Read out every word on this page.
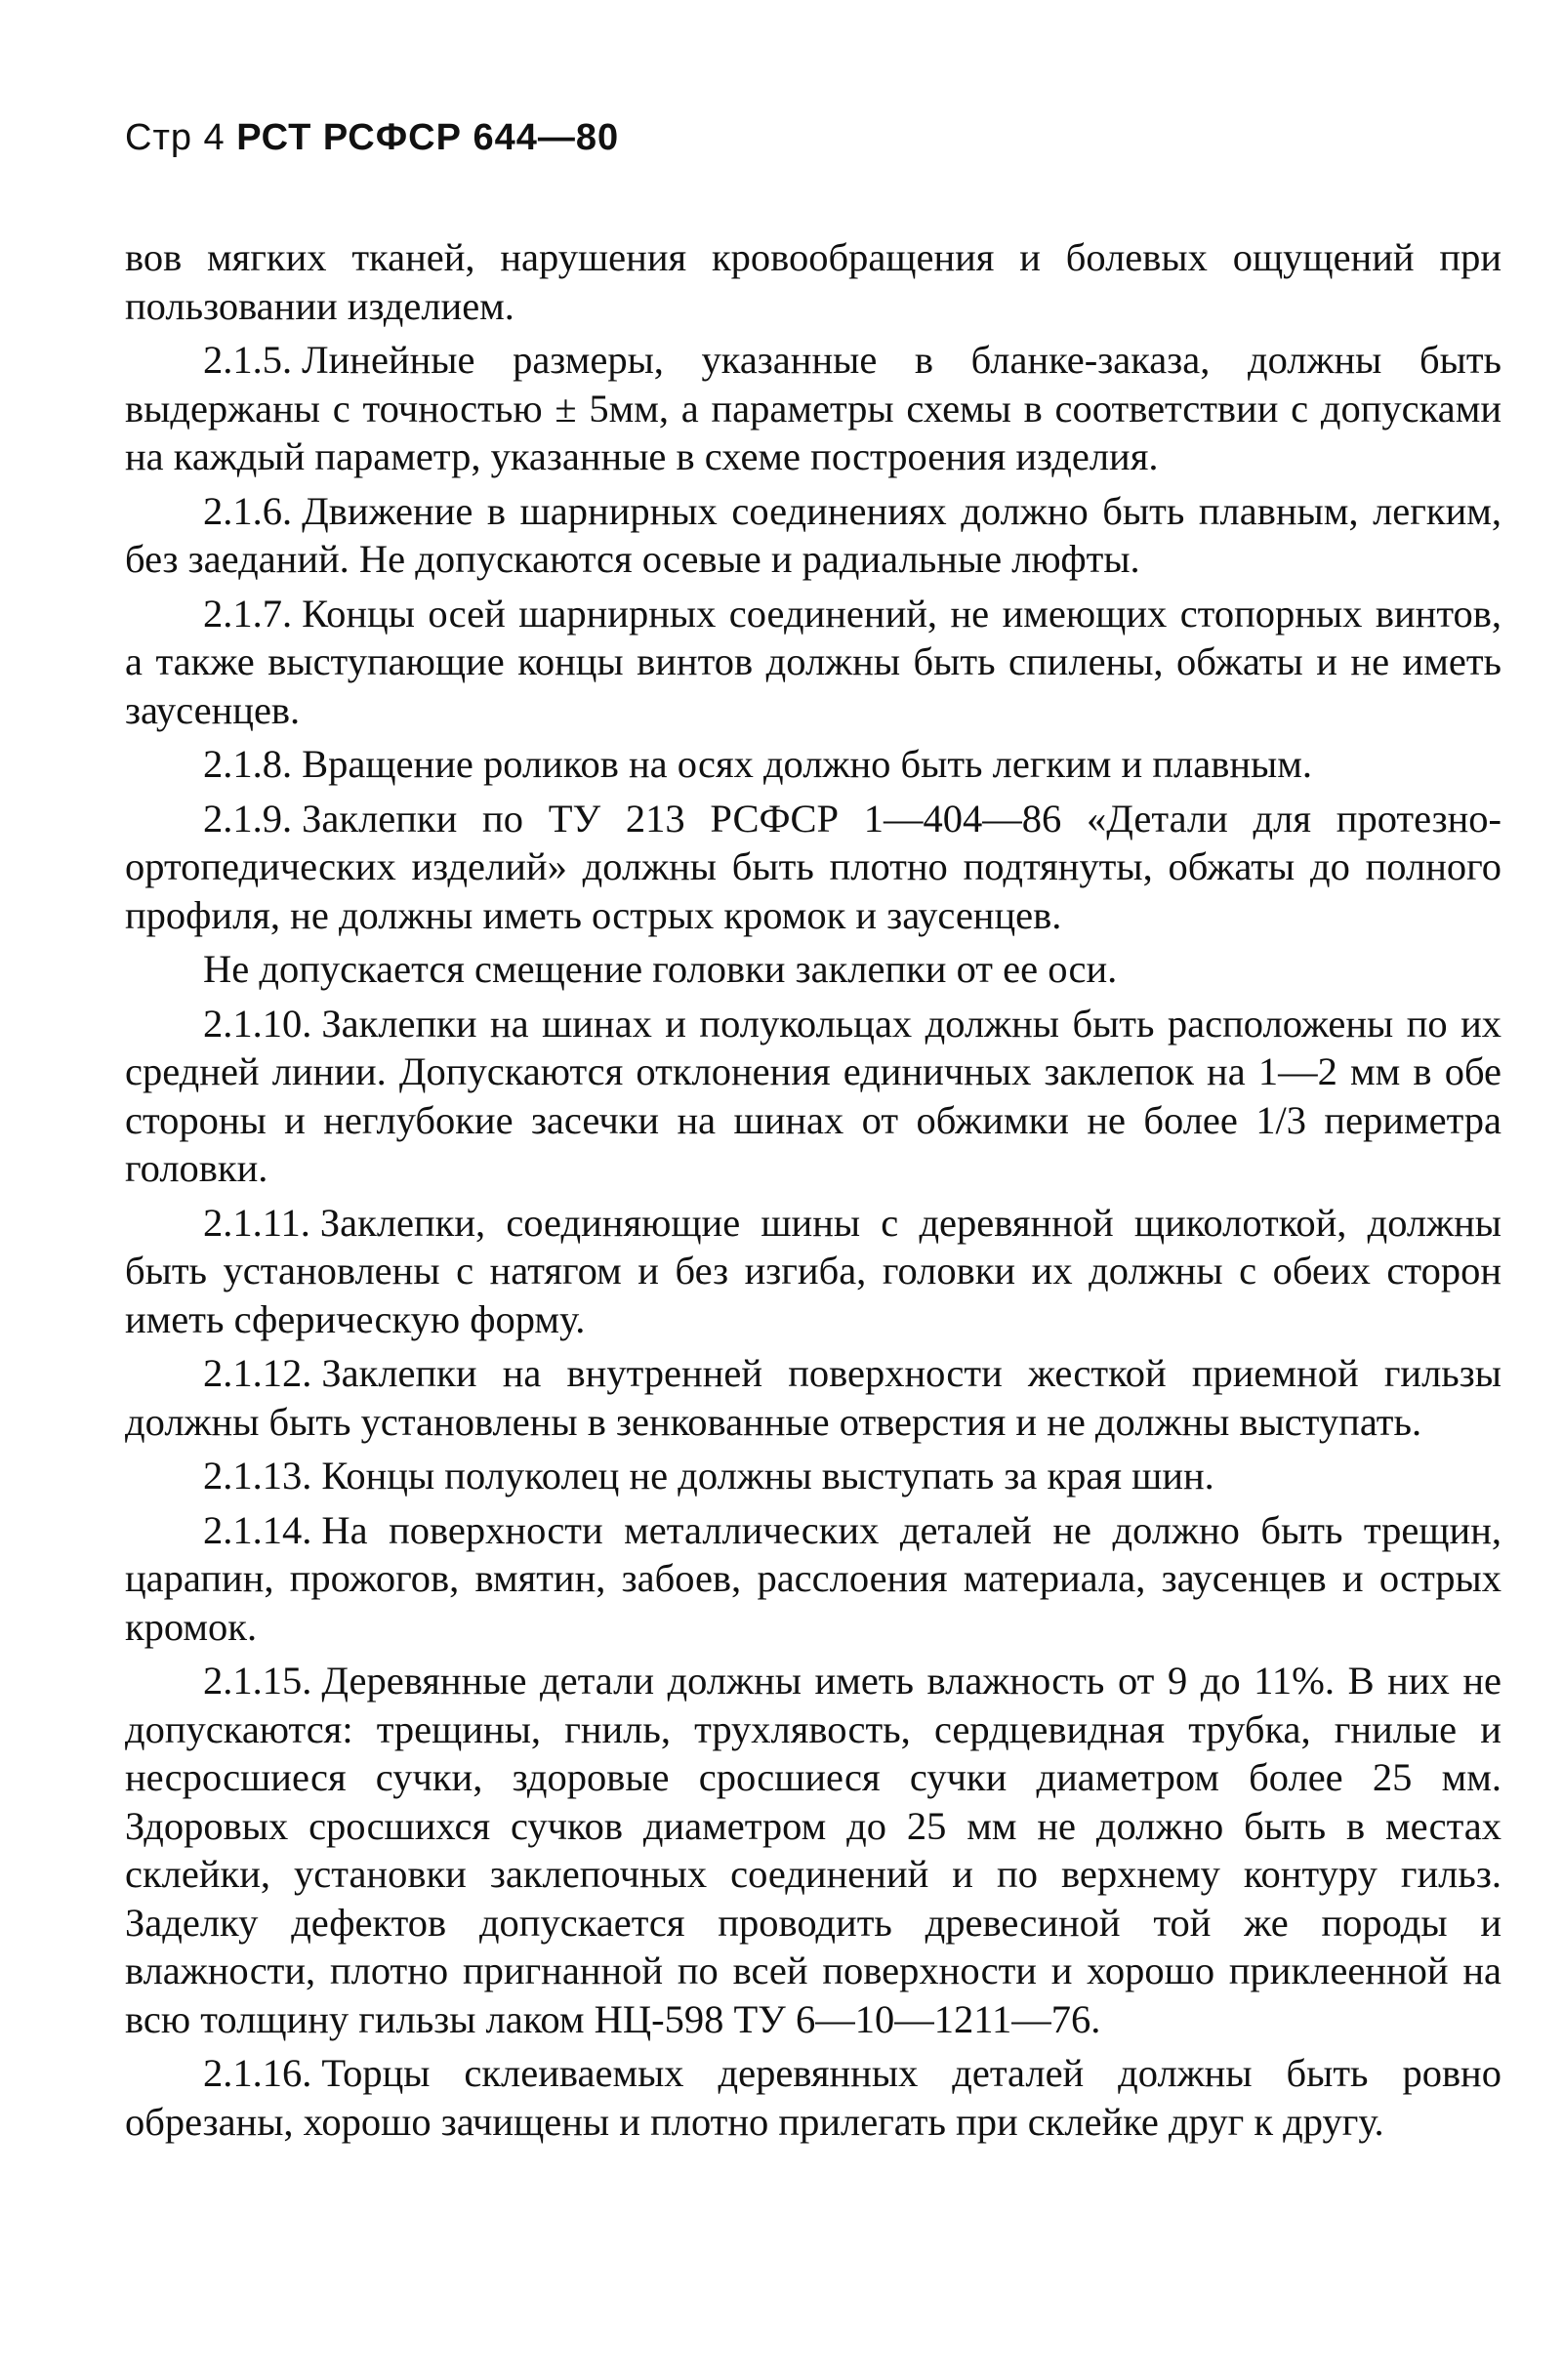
Стр 4 РСТ РСФСР 644—80

вов мягких тканей, нарушения кровообращения и болевых ощущений при пользовании изделием.

2.1.5. Линейные размеры, указанные в бланке-заказа, должны быть выдержаны с точностью ± 5мм, а параметры схемы в соответствии с допусками на каждый параметр, указанные в схеме построения изделия.

2.1.6. Движение в шарнирных соединениях должно быть плавным, легким, без заеданий. Не допускаются осевые и радиальные люфты.

2.1.7. Концы осей шарнирных соединений, не имеющих стопорных винтов, а также выступающие концы винтов должны быть спилены, обжаты и не иметь заусенцев.

2.1.8. Вращение роликов на осях должно быть легким и плавным.

2.1.9. Заклепки по ТУ 213 РСФСР 1—404—86 «Детали для протезно-ортопедических изделий» должны быть плотно подтянуты, обжаты до полного профиля, не должны иметь острых кромок и заусенцев.

Не допускается смещение головки заклепки от ее оси.

2.1.10. Заклепки на шинах и полукольцах должны быть расположены по их средней линии. Допускаются отклонения единичных заклепок на 1—2 мм в обе стороны и неглубокие засечки на шинах от обжимки не более 1/3 периметра головки.

2.1.11. Заклепки, соединяющие шины с деревянной щиколоткой, должны быть установлены с натягом и без изгиба, головки их должны с обеих сторон иметь сферическую форму.

2.1.12. Заклепки на внутренней поверхности жесткой приемной гильзы должны быть установлены в зенкованные отверстия и не должны выступать.

2.1.13. Концы полуколец не должны выступать за края шин.

2.1.14. На поверхности металлических деталей не должно быть трещин, царапин, прожогов, вмятин, забоев, расслоения материала, заусенцев и острых кромок.

2.1.15. Деревянные детали должны иметь влажность от 9 до 11%. В них не допускаются: трещины, гниль, трухлявость, сердцевидная трубка, гнилые и несросшиеся сучки, здоровые сросшиеся сучки диаметром более 25 мм. Здоровых сросшихся сучков диаметром до 25 мм не должно быть в местах склейки, установки заклепочных соединений и по верхнему контуру гильз. Заделку дефектов допускается проводить древесиной той же породы и влажности, плотно пригнанной по всей поверхности и хорошо приклеенной на всю толщину гильзы лаком НЦ-598 ТУ 6—10—1211—76.

2.1.16. Торцы склеиваемых деревянных деталей должны быть ровно обрезаны, хорошо зачищены и плотно прилегать при склейке друг к другу.
